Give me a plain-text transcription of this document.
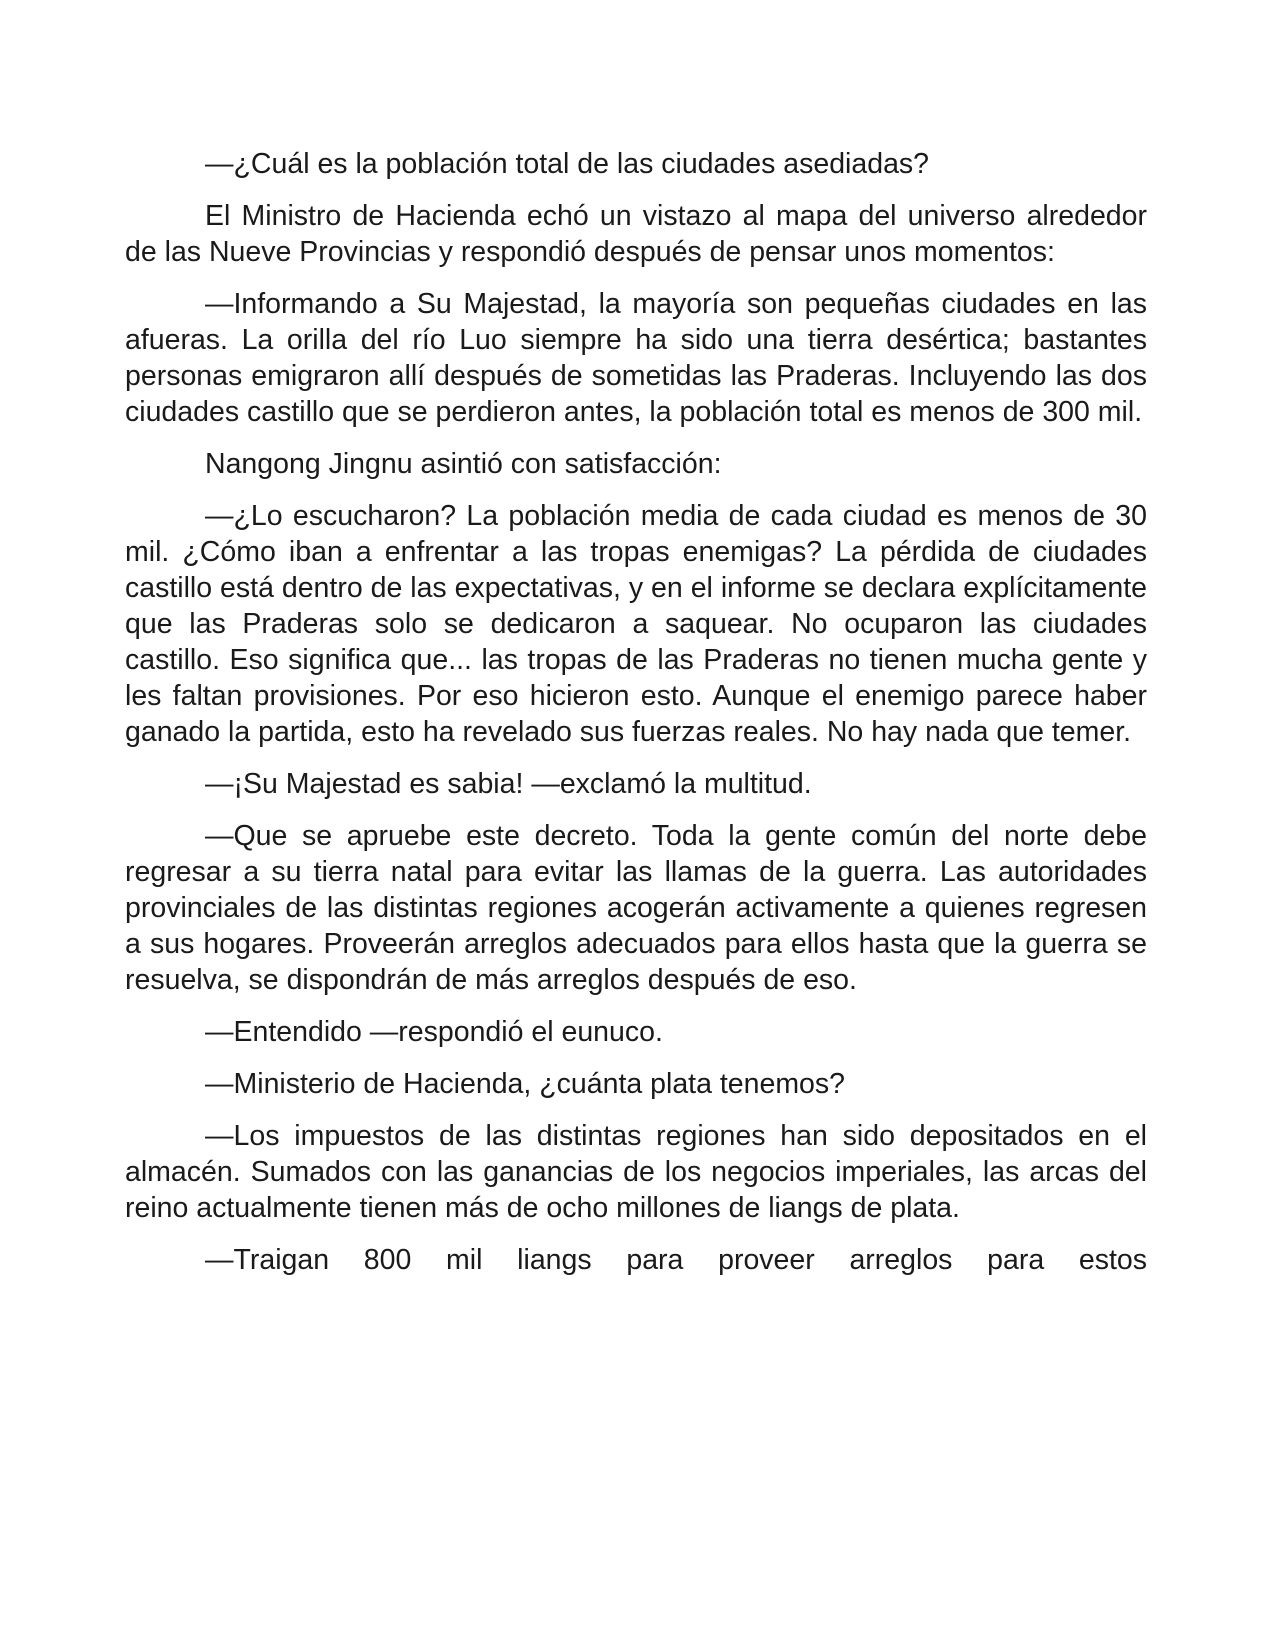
—¿Cuál es la población total de las ciudades asediadas?

El Ministro de Hacienda echó un vistazo al mapa del universo alrededor de las Nueve Provincias y respondió después de pensar unos momentos:

—Informando a Su Majestad, la mayoría son pequeñas ciudades en las afueras. La orilla del río Luo siempre ha sido una tierra desértica; bastantes personas emigraron allí después de sometidas las Praderas. Incluyendo las dos ciudades castillo que se perdieron antes, la población total es menos de 300 mil.

Nangong Jingnu asintió con satisfacción:

—¿Lo escucharon? La población media de cada ciudad es menos de 30 mil. ¿Cómo iban a enfrentar a las tropas enemigas? La pérdida de ciudades castillo está dentro de las expectativas, y en el informe se declara explícitamente que las Praderas solo se dedicaron a saquear. No ocuparon las ciudades castillo. Eso significa que... las tropas de las Praderas no tienen mucha gente y les faltan provisiones. Por eso hicieron esto. Aunque el enemigo parece haber ganado la partida, esto ha revelado sus fuerzas reales. No hay nada que temer.

—¡Su Majestad es sabia! —exclamó la multitud.

—Que se apruebe este decreto. Toda la gente común del norte debe regresar a su tierra natal para evitar las llamas de la guerra. Las autoridades provinciales de las distintas regiones acogerán activamente a quienes regresen a sus hogares. Proveerán arreglos adecuados para ellos hasta que la guerra se resuelva, se dispondrán de más arreglos después de eso.

—Entendido —respondió el eunuco.

—Ministerio de Hacienda, ¿cuánta plata tenemos?

—Los impuestos de las distintas regiones han sido depositados en el almacén. Sumados con las ganancias de los negocios imperiales, las arcas del reino actualmente tienen más de ocho millones de liangs de plata.

—Traigan 800 mil liangs para proveer arreglos para estos
